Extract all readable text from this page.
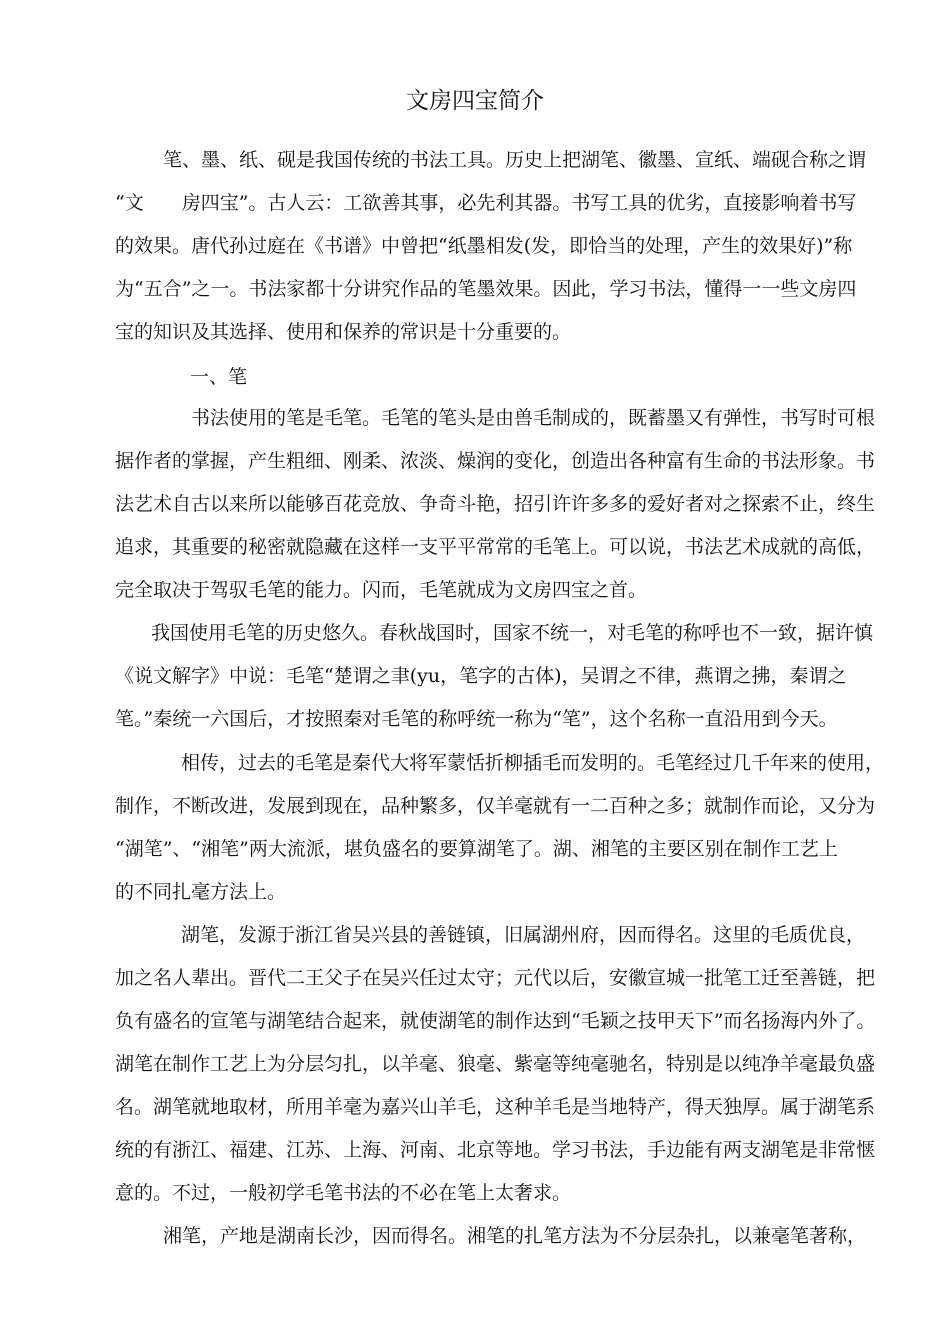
文房四宝简介
笔、墨、纸、砚是我国传统的书法工具。历史上把湖笔、徽墨、宣纸、端砚合称之谓
“文　　房四宝”。古人云：工欲善其事，必先利其器。书写工具的优劣，直接影响着书写
的效果。唐代孙过庭在《书谱》中曾把“纸墨相发(发，即恰当的处理，产生的效果好)”称
为“五合”之一。书法家都十分讲究作品的笔墨效果。因此，学习书法，懂得一一些文房四
宝的知识及其选择、使用和保养的常识是十分重要的。
一、笔
书法使用的笔是毛笔。毛笔的笔头是由兽毛制成的，既蓄墨又有弹性，书写时可根
据作者的掌握，产生粗细、刚柔、浓淡、燥润的变化，创造出各种富有生命的书法形象。书
法艺术自古以来所以能够百花竞放、争奇斗艳，招引许许多多的爱好者对之探索不止，终生
追求，其重要的秘密就隐藏在这样一支平平常常的毛笔上。可以说，书法艺术成就的高低，
完全取决于驾驭毛笔的能力。闪而，毛笔就成为文房四宝之首。
我国使用毛笔的历史悠久。春秋战国时，国家不统一，对毛笔的称呼也不一致，据许慎
《说文解字》中说：毛笔“楚谓之聿(yu，笔字的古体)，吴谓之不律，燕谓之拂，秦谓之
笔。”秦统一六国后，才按照秦对毛笔的称呼统一称为“笔”，这个名称一直沿用到今天。
相传，过去的毛笔是秦代大将军蒙恬折柳插毛而发明的。毛笔经过几千年来的使用，
制作，不断改进，发展到现在，品种繁多，仅羊毫就有一二百种之多；就制作而论，又分为
“湖笔”、“湘笔”两大流派，堪负盛名的要算湖笔了。湖、湘笔的主要区别在制作工艺上
的不同扎毫方法上。
湖笔，发源于浙江省吴兴县的善链镇，旧属湖州府，因而得名。这里的毛质优良，
加之名人辈出。晋代二王父子在吴兴任过太守；元代以后，安徽宣城一批笔工迁至善链，把
负有盛名的宣笔与湖笔结合起来，就使湖笔的制作达到“毛颖之技甲天下”而名扬海内外了。
湖笔在制作工艺上为分层匀扎，以羊毫、狼毫、紫毫等纯毫驰名，特别是以纯净羊毫最负盛
名。湖笔就地取材，所用羊毫为嘉兴山羊毛，这种羊毛是当地特产，得天独厚。属于湖笔系
统的有浙江、福建、江苏、上海、河南、北京等地。学习书法，手边能有两支湖笔是非常惬
意的。不过，一般初学毛笔书法的不必在笔上太奢求。
湘笔，产地是湖南长沙，因而得名。湘笔的扎笔方法为不分层杂扎，以兼毫笔著称，
